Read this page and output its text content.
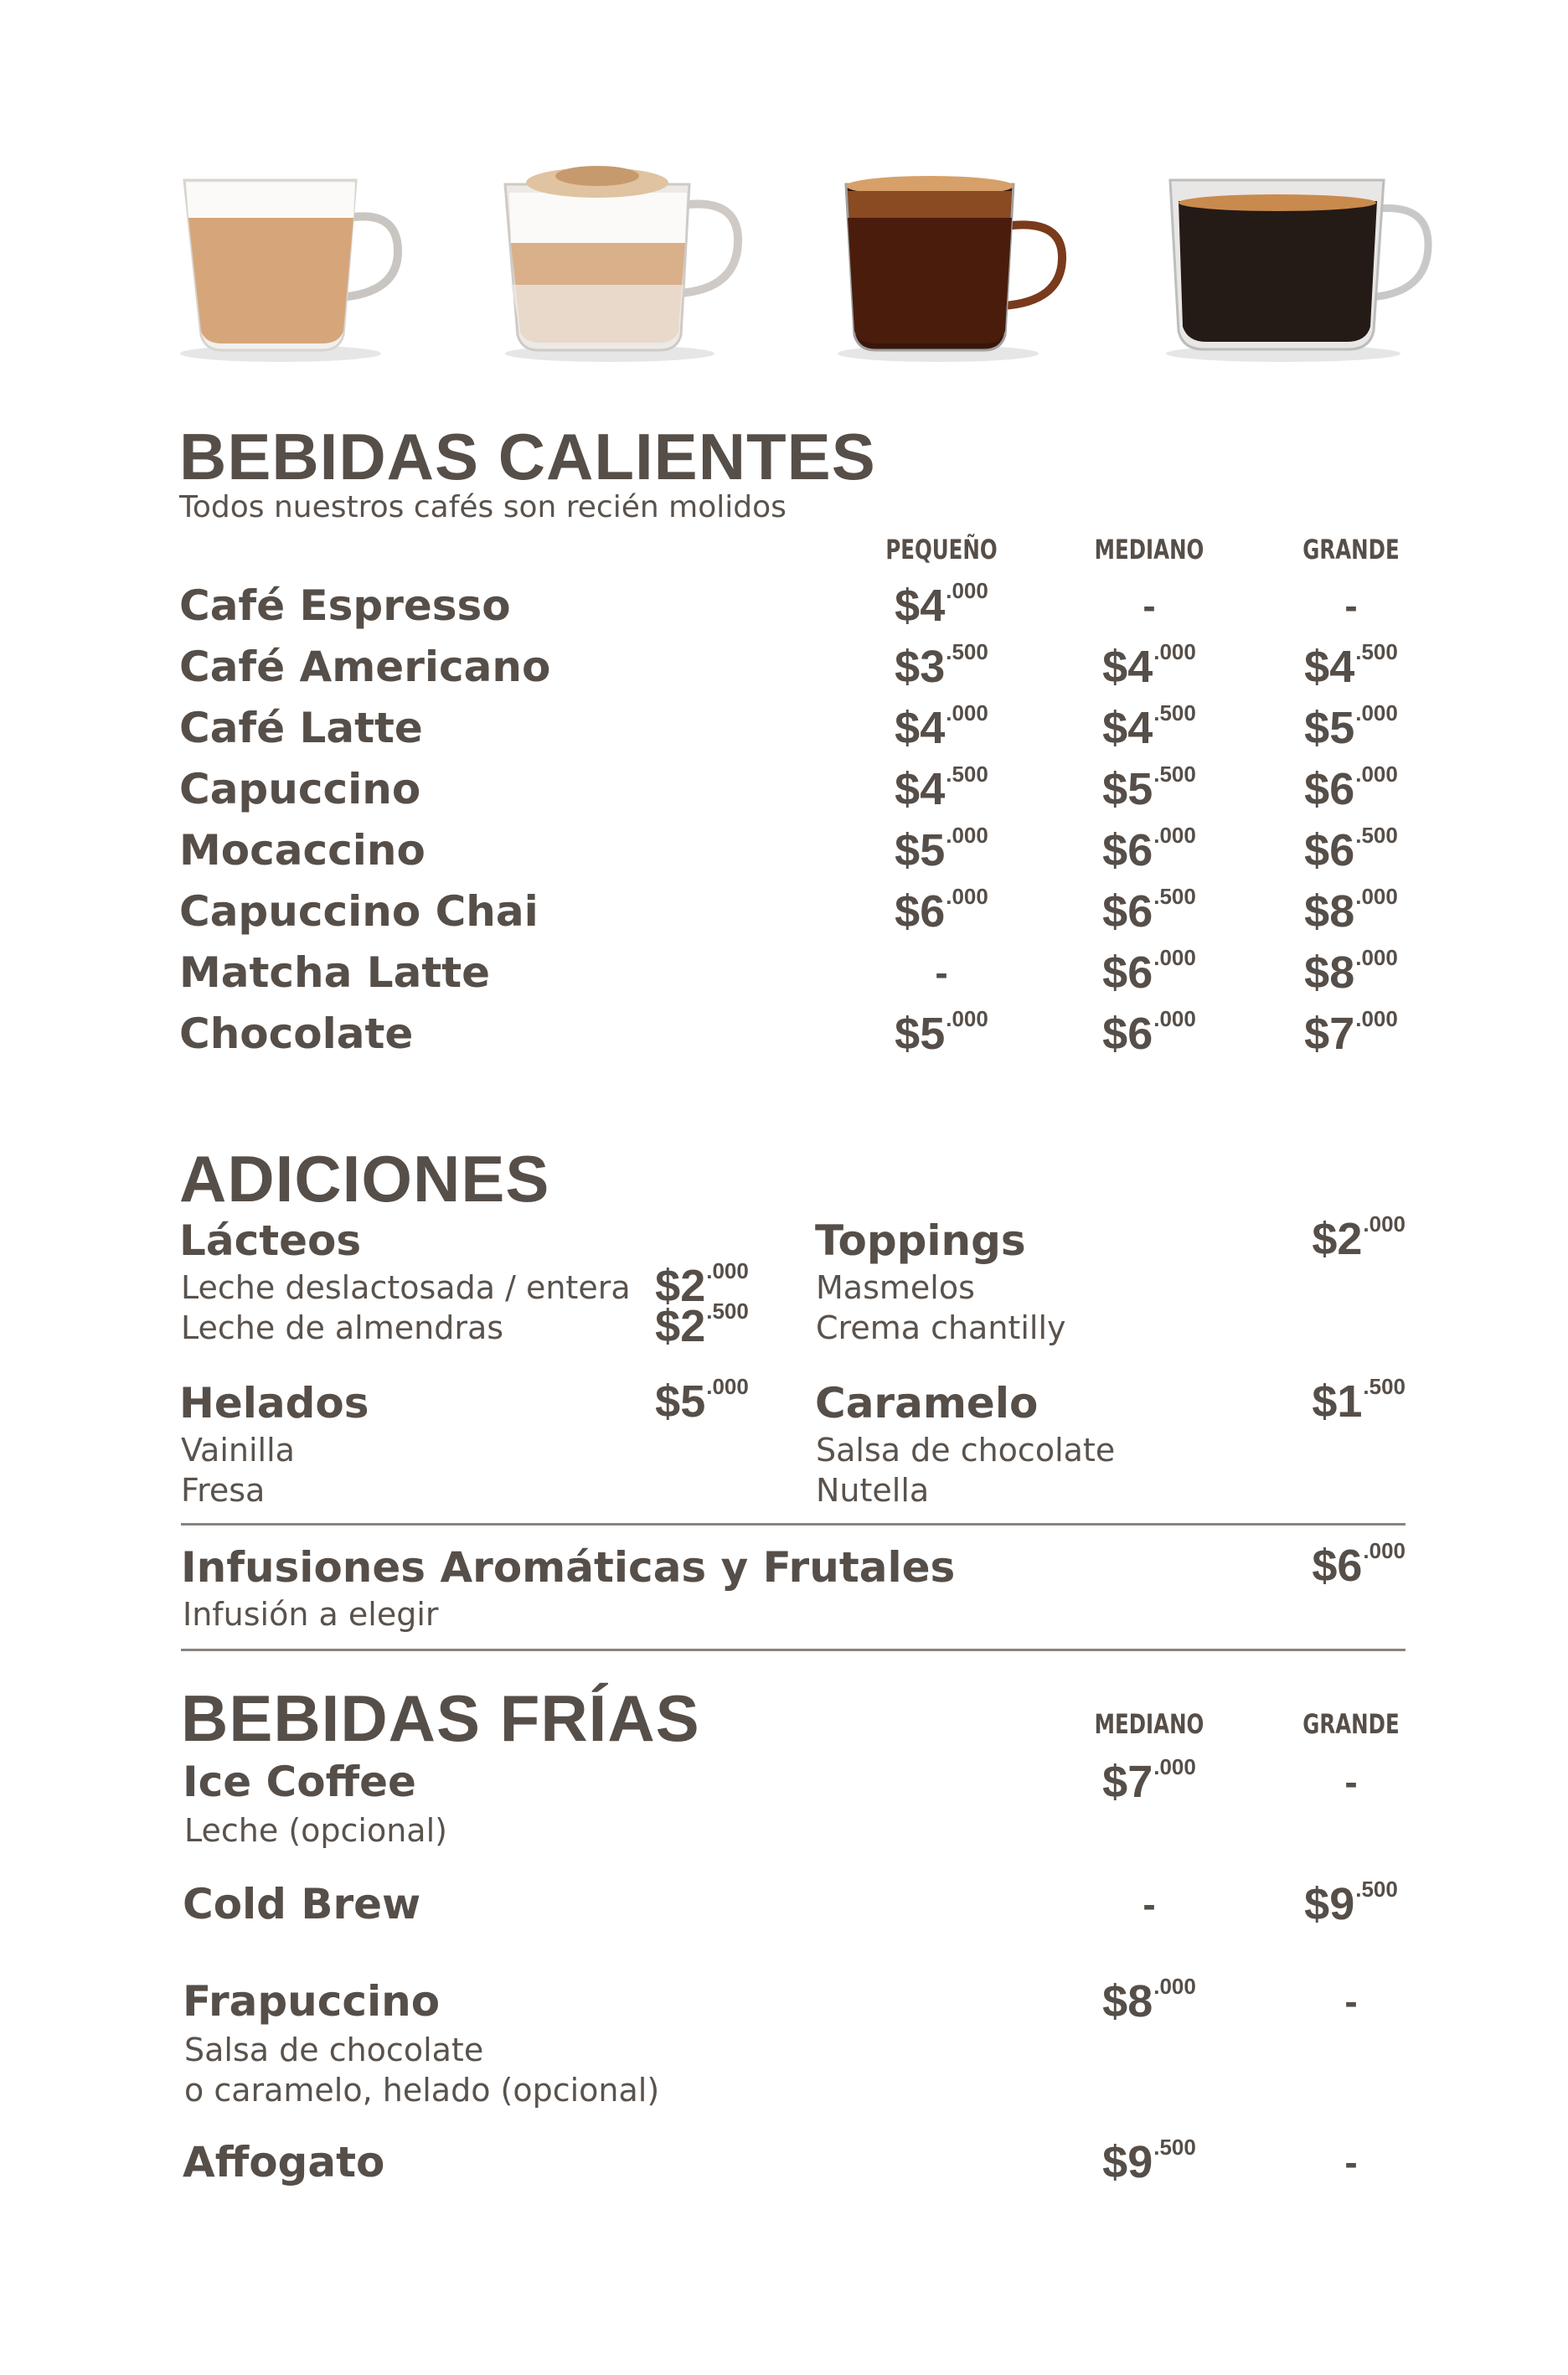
BEBIDAS CALIENTES
Todos nuestros cafés son recién molidos
PEQUEÑO	MEDIANO	GRANDE
Café Espresso	$\$4^{.000}$	-	-
Café Americano	$\$3^{.500}$	$\$4^{.000}$	$\$4^{.500}$
Café Latte	$\$4^{.000}$	$\$4^{.500}$	$\$5^{.000}$
Capuccino	$\$4^{.500}$	$\$5^{.500}$	$\$6^{.000}$
Mocaccino	$\$5^{.000}$	$\$6^{.000}$	$\$6^{.500}$
Capuccino Chai	$\$6^{.000}$	$\$6^{.500}$	$\$8^{.000}$
Matcha Latte	-	$\$6^{.000}$	$\$8^{.000}$
Chocolate	$\$5^{.000}$	$\$6^{.000}$	$\$7^{.000}$
ADICIONES
Lácteos
Leche deslactosada / entera $\$2^{.000}$
Leche de almendras	$\$2^{.500}$
Toppings	$\$2^{.000}$
Masmelos
Crema chantilly
Helados	$\$5^{.000}$
Vainilla
Fresa
Caramelo	$\$1^{.500}$
Salsa de chocolate
Nutella
Infusiones Aromáticas y Frutales	$\$6^{.000}$
Infusión a elegir
BEBIDAS FRÍAS	MEDIANO	GRANDE
Ice Coffee
Leche (opcional)
$\$7^{.000}$	-
Cold Brew	-	$\$9^{.500}$
Frapuccino
Salsa de chocolate
o caramelo, helado (opcional)
$\$8^{.000}$	-
Affogato	$\$9^{.500}$	-
